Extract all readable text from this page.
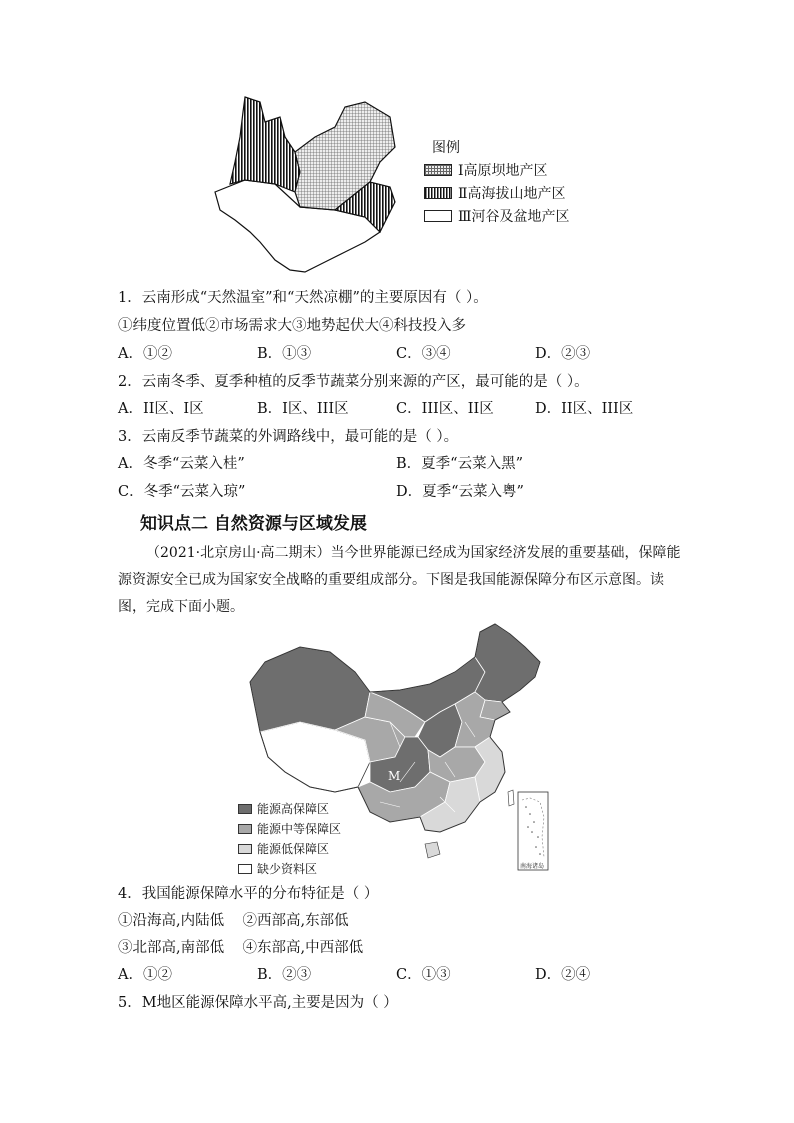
图例
Ⅰ高原坝地产区
Ⅱ高海拔山地产区
Ⅲ河谷及盆地产区
1．云南形成“天然温室”和“天然凉棚”的主要原因有（ ）。
①纬度位置低②市场需求大③地势起伏大④科技投入多
A．①②	B．①③	C．③④	D．②③
2．云南冬季、夏季种植的反季节蔬菜分别来源的产区，最可能的是（ ）。
A．II区、I区	B．I区、III区	C．III区、II区	D．II区、III区
3．云南反季节蔬菜的外调路线中，最可能的是（ ）。
A．冬季“云菜入桂”	B．夏季“云菜入黑”
C．冬季“云菜入琼”	D．夏季“云菜入粤”
知识点二 自然资源与区域发展
（2021·北京房山·高二期末）当今世界能源已经成为国家经济发展的重要基础，保障能源资源安全已成为国家安全战略的重要组成部分。下图是我国能源保障分布区示意图。读图，完成下面小题。
M
南海诸岛
能源高保障区
能源中等保障区
能源低保障区
缺少资料区
4．我国能源保障水平的分布特征是（ ）
①沿海高,内陆低    ②西部高,东部低
③北部高,南部低    ④东部高,中西部低
A．①②	B．②③	C．①③	D．②④
5．M地区能源保障水平高,主要是因为（ ）
